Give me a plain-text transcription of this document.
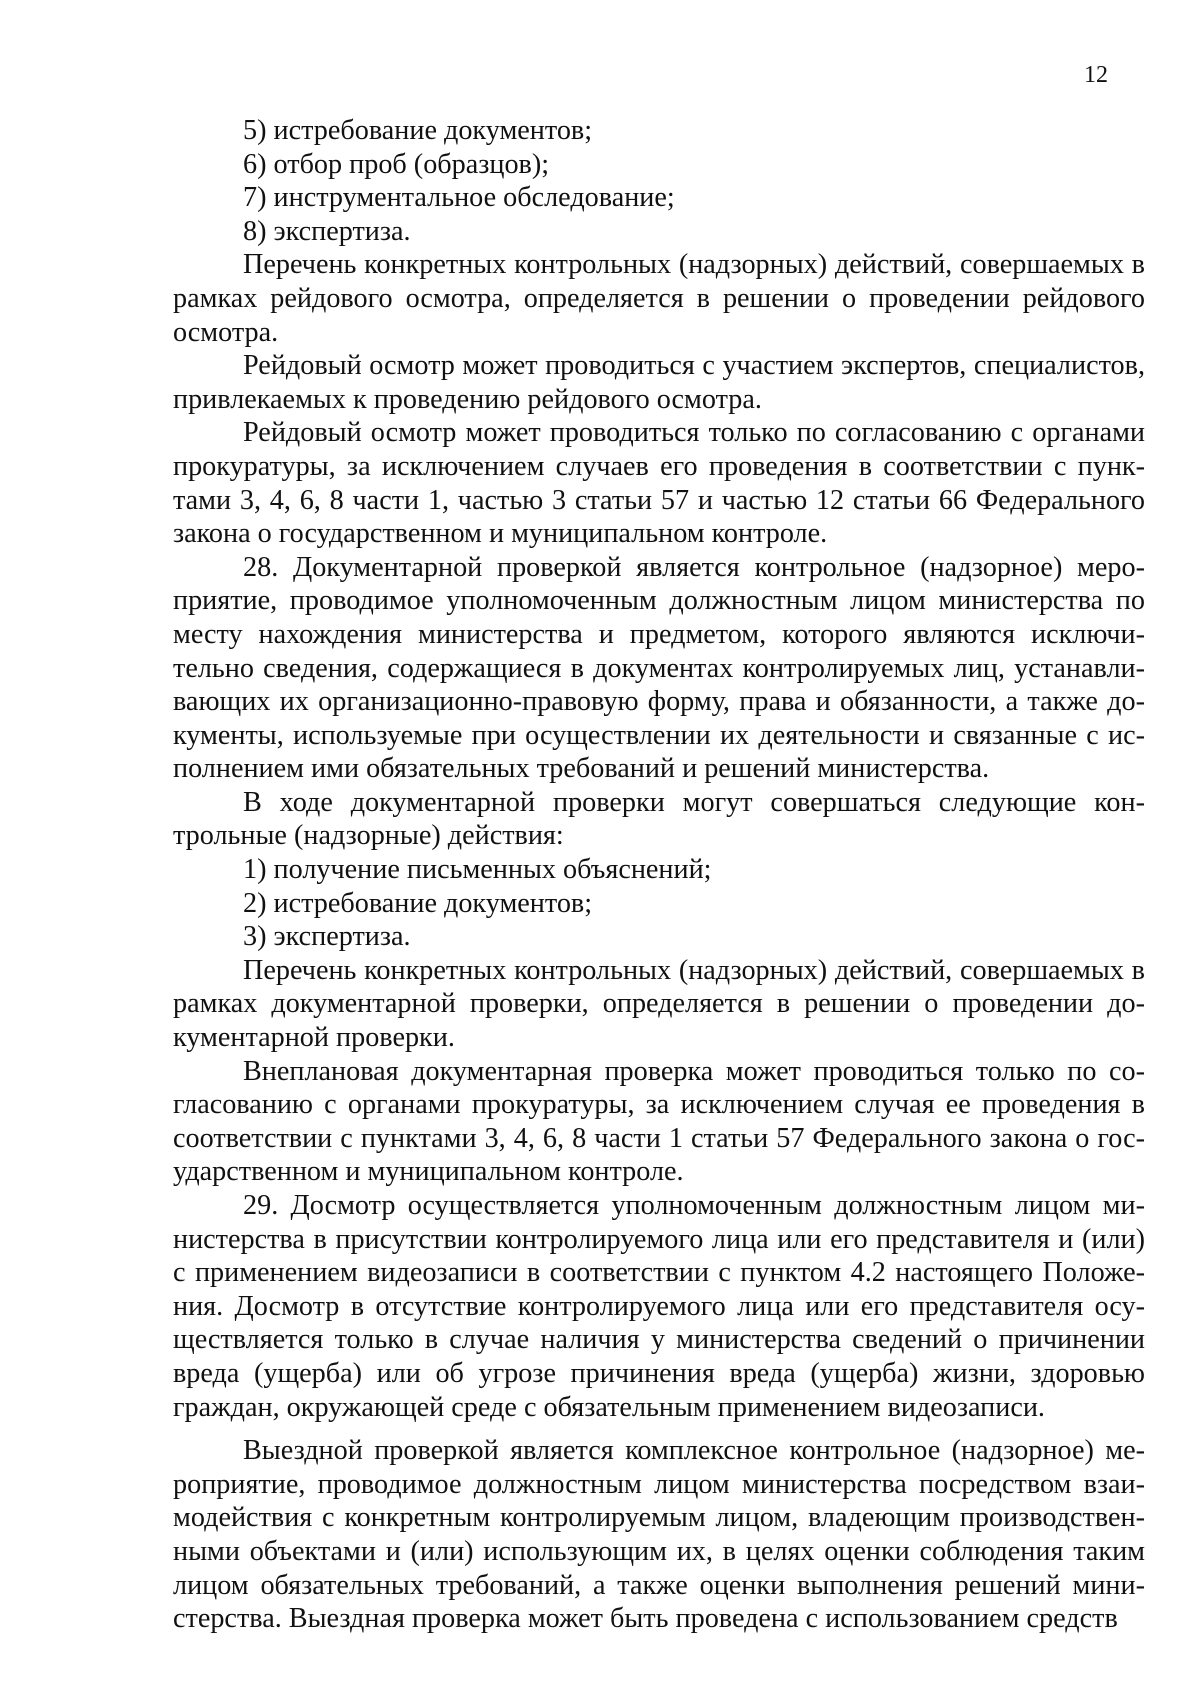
12

5) истребование документов;

6) отбор проб (образцов);

7) инструментальное обследование;

8) экспертиза.

Перечень конкретных контрольных (надзорных) действий, совершаемых в рамках рейдового осмотра, определяется в решении о проведении рейдового осмотра.

Рейдовый осмотр может проводиться с участием экспертов, специалистов, привлекаемых к проведению рейдового осмотра.

Рейдовый осмотр может проводиться только по согласованию с органами прокуратуры, за исключением случаев его проведения в соответствии с пунктами 3, 4, 6, 8 части 1, частью 3 статьи 57 и частью 12 статьи 66 Федерального закона о государственном и муниципальном контроле.

28. Документарной проверкой является контрольное (надзорное) мероприятие, проводимое уполномоченным должностным лицом министерства по месту нахождения министерства и предметом, которого являются исключительно сведения, содержащиеся в документах контролируемых лиц, устанавливающих их организационно-правовую форму, права и обязанности, а также документы, используемые при осуществлении их деятельности и связанные с исполнением ими обязательных требований и решений министерства.

В ходе документарной проверки могут совершаться следующие контрольные (надзорные) действия:

1) получение письменных объяснений;

2) истребование документов;

3) экспертиза.

Перечень конкретных контрольных (надзорных) действий, совершаемых в рамках документарной проверки, определяется в решении о проведении документарной проверки.

Внеплановая документарная проверка может проводиться только по согласованию с органами прокуратуры, за исключением случая ее проведения в соответствии с пунктами 3, 4, 6, 8 части 1 статьи 57 Федерального закона о государственном и муниципальном контроле.

29. Досмотр осуществляется уполномоченным должностным лицом министерства в присутствии контролируемого лица или его представителя и (или) с применением видеозаписи в соответствии с пунктом 4.2 настоящего Положения. Досмотр в отсутствие контролируемого лица или его представителя осуществляется только в случае наличия у министерства сведений о причинении вреда (ущерба) или об угрозе причинения вреда (ущерба) жизни, здоровью граждан, окружающей среде с обязательным применением видеозаписи.

Выездной проверкой является комплексное контрольное (надзорное) мероприятие, проводимое должностным лицом министерства посредством взаимодействия с конкретным контролируемым лицом, владеющим производственными объектами и (или) использующим их, в целях оценки соблюдения таким лицом обязательных требований, а также оценки выполнения решений министерства. Выездная проверка может быть проведена с использованием средств
